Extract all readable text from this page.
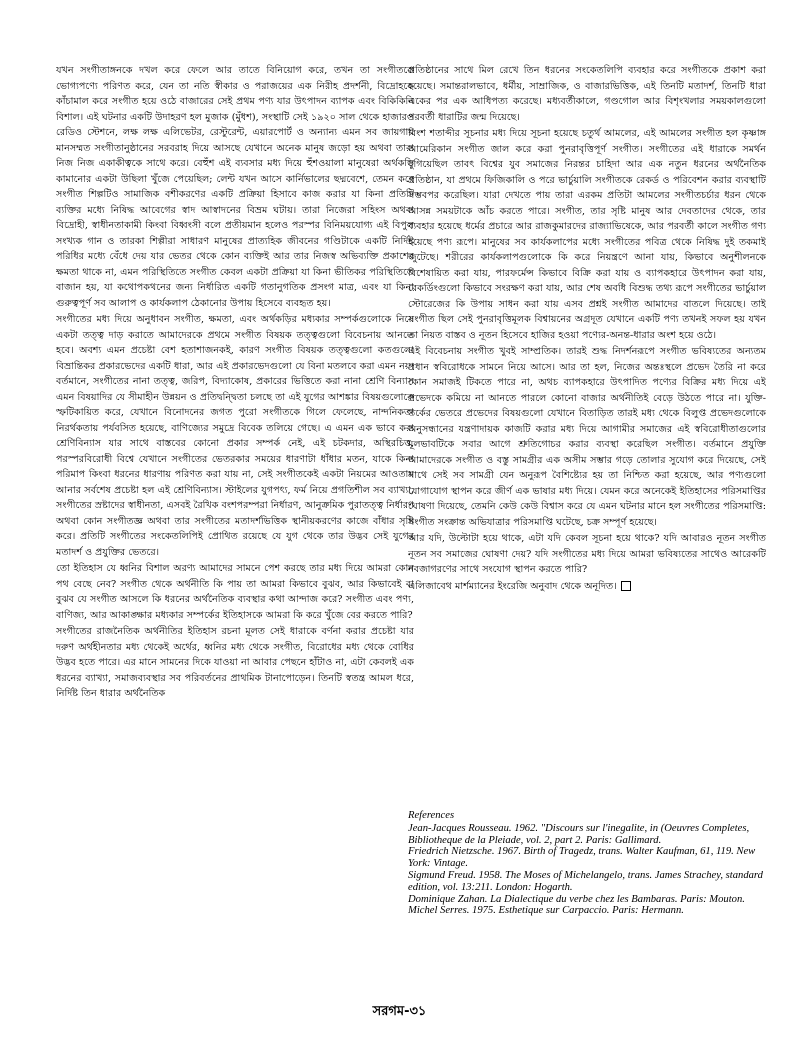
যখন সংগীতাঙ্গনকে দখল করে ফেলে আর তাতে বিনিয়োগ করে, তখন তা সংগীতকে ভোগ্যপণ্যে পরিণত করে, যেন তা নতি স্বীকার ও পরাজয়ের এক নিরীহ প্রদর্শনী, বিদ্রোহকে কাঁচামাল করে সংগীত হয়ে ওঠে বাজারের সেই প্রথম পণ্য যার উৎপাদন ব্যাপক এবং বিকিকিনি বিশাল। এই ঘটনার একটি উদাহরণ হল মুজাক (মুঁধশ), সংস্থাটি সেই ১৯২০ সাল থেকে হাজারও রেডিও স্টেশনে, লক্ষ লক্ষ এলিভেটর, রেস্টুরেন্ট, এয়ারপোর্ট ও অন্যান্য এমন সব জায়গায় মানসম্মত সংগীতানুষ্ঠানের সরবরাহ দিয়ে আসছে যেখানে অনেক মানুষ জড়ো হয় অথবা তারা নিজ নিজ একাকীত্বকে সাথে করে। বেহুঁশ এই ব্যবসার মধ্য দিয়ে হুঁশওয়ালা মানুষেরা অর্থকড়ি কামানোর একটা উছিলা খুঁজে পেয়েছিল; লেন্ট যখন আসে কার্নিভালের ছদ্মবেশে, তেমন করে সংগীত শিল্পটিও সামাজিক বশীকরণের একটি প্রক্রিয়া হিসাবে কাজ করার যা কিনা প্রতিটি ব্যক্তির মধ্যে নিষিদ্ধ আবেগের স্বাদ আস্বাদনের বিভ্রম ঘটায়। তারা নিজেরা সহিংস অথবা বিদ্রোহী, স্বাধীনতাকামী কিংবা বিধ্বংসী বলে প্রতীয়মান হলেও পরস্পর বিনিময়যোগ্য এই বিপুল সংখ্যক গান ও তারকা শিল্পীরা সাধারণ মানুষের প্রাত্যহিক জীবনের গণ্ডিটাকে একটি নির্দিষ্ট পরিধির মধ্যে বেঁধে দেয় যার ভেতর থেকে কোন ব্যক্তিই আর তার নিজস্ব অভিব্যক্তি প্রকাশের ক্ষমতা থাকে না, এমন পরিস্থিতিতে সংগীত কেবল একটা প্রক্রিয়া যা কিনা ভীতিকর পরিস্থিতিতে বাজান হয়, যা কথোপকথনের জন্য নির্ধারিত একটি গতানুগতিক প্রসংগ মাত্র, এবং যা কিনা গুরুত্বপূর্ণ সব আলাপ ও কার্যকলাপ ঠেকানোর উপায় হিসেবে ব্যবহৃত হয়।

সংগীতের মধ্য দিয়ে অনুধাবন সংগীত, ক্ষমতা, এবং অর্থকড়ির মধ্যকার সম্পর্কগুলোকে নিয়ে একটা তত্ত্ব দাড় করাতে আমাদেরকে প্রথমে সংগীত বিষয়ক তত্ত্বগুলো বিবেচনায় আনতে হবে। অবশ্য এমন প্রচেষ্টা বেশ হতাশাজনকই, কারণ সংগীত বিষয়ক তত্ত্বগুলো কতগুলো বিভ্রান্তিকর প্রকারভেদের একটি ধারা, আর এই প্রকারভেদগুলো যে বিনা মতলবে করা এমন নয়। বর্তমানে, সংগীতের নানা তত্ত্ব, জরিপ, বিদ্যাকোষ, প্রকারের ভিত্তিতে করা নানা শ্রেণি বিন্যাস এমন বিষয়াদির যে সীমাহীন উন্নয়ন ও প্রতিদ্বন্দ্বিতা চলছে তা এই যুগের আশঙ্কার বিষয়গুলোকে স্ফটিকায়িত করে, যেখানে বিনোদনের জগত পুরো সংগীতকে গিলে ফেলেছে, নান্দনিকতা নিরর্থকতায় পর্যবসিত হয়েছে, বাণিজ্যের সমুদ্রে বিবেক তলিয়ে গেছে। এ এমন এক ভাবে করা শ্রেণিবিন্যাস যার সাথে বাস্তবের কোনো প্রকার সম্পর্ক নেই, এই চটকদার, অস্থিরচিত্ত, পরস্পরবিরোধী বিশ্বে যেখানে সংগীতের ভেতরকার সময়ের ধারণাটা ধাঁধার মতন, যাকে কিনা পরিমাপ কিংবা ধরনের ধারণায় পরিণত করা যায় না, সেই সংগীতকেই একটা নিয়মের আওতায় আনার সর্বশেষ প্রচেষ্টা হল এই শ্রেণিবিন্যাস। স্টাইলের যুগপৎ্য, ফর্ম নিয়ে প্রগতিশীল সব ব্যাখ্যা, সংগীতের স্রষ্টাদের স্বাধীনতা, এসবই রৈখিক বংশপরম্পরা নির্ধারণ, আনুক্রমিক পুরাতত্ত্ব নির্ধারণ অথবা কোন সংগীতজ্ঞ অথবা তার সংগীতের মতাদর্শভিত্তিক স্থানীয়করণের কাজে বাঁধার সৃষ্টি করে। প্রতিটি সংগীতের সংকেতলিপিই প্রোথিত রয়েছে যে যুগ থেকে তার উদ্ভব সেই যুগের মতাদর্শ ও প্রযুক্তির ভেতরে।

তো ইতিহাস যে ধ্বনির বিশাল অরণ্য আমাদের সামনে পেশ করছে তার মধ্য দিয়ে আমরা কোন পথ বেছে নেব? সংগীত থেকে অর্থনীতি কি পায় তা আমরা কিভাবে বুঝব, আর কিভাবেই বা বুঝব যে সংগীত আসলে কি ধরনের অর্থনৈতিক ব্যবস্থার কথা আন্দাজ করে? সংগীত এবং পণ্য, বাণিজ্য, আর আকাঙ্ক্ষার মধ্যকার সম্পর্কের ইতিহাসকে আমরা কি করে খুঁজে বের করতে পারি?

সংগীতের রাজনৈতিক অর্থনীতির ইতিহাস রচনা মূলত সেই ধারাকে বর্ণনা করার প্রচেষ্টা যার দরুণ অর্থহীনতার মধ্য থেকেই অর্থের, ধ্বনির মধ্য থেকে সংগীত, বিরোধের মধ্য থেকে বোধির উদ্ভব হতে পারে। এর মানে সামনের দিকে যাওয়া না আবার পেছনে হাঁটাও না, এটা কেবলই এক ধরনের ব্যাখ্যা, সমাজব্যবস্থার সব পরিবর্তনের প্রাথমিক টানাপোড়েন। তিনটি স্বতন্ত্র আমল ধরে, নির্দিষ্ট তিন ধারার অর্থনৈতিক

প্রতিষ্ঠানের সাথে মিল রেখে তিন ধরনের সংকেতলিপি ব্যবহার করে সংগীতকে প্রকাশ করা হয়েছে। সমান্তরালভাবে, ধর্মীয়, সাম্রাজিক, ও বাজারভিত্তিক, এই তিনটি মতাদর্শ, তিনটি ধারা একের পর এক আধিপত্য করেছে। মধ্যবর্তীকালে, গণ্ডগোল আর বিশৃংখলার সময়কালগুলো পরবর্তী ধারাটির জন্ম দিয়েছে।

বিংশ শতাব্দীর সূচনার মধ্য দিয়ে সূচনা হয়েছে চতুর্থ আমলের, এই আমলের সংগীত হল কৃষ্ণাঙ্গ আমেরিকান সংগীত জাল করে করা পুনরাবৃত্তিপূর্ণ সংগীত। সংগীতের এই ধারাকে সমর্থন যুগিয়েছিল তাবৎ বিশ্বের যুব সমাজের নিরন্তর চাহিদা আর এক নতুন ধরনের অর্থনৈতিক প্রতিষ্ঠান, যা প্রথমে ফিজিকালি ও পরে ভার্চুয়ালি সংগীতকে রেকর্ড ও পরিবেশন করার ব্যবস্থাটি সম্ভবপর করেছিল। যারা দেখতে পায় তারা এরকম প্রতিটা আমলের সংগীতচর্চার ধরন থেকে আসন্ন সময়টাকে আঁচ করতে পারে। সংগীত, তার সৃষ্টি মানুষ আর দেবতাদের থেকে, তার ব্যবহার হয়েছে ধর্মের প্রচারে আর রাজকুমারদের রাজ্যাভিষেকে, আর পরবর্তী কালে সংগীত গণ্য হয়েছে পণ্য রূপে। মানুষের সব কার্যকলাপের মধ্যে সংগীতের পবিত্র থেকে নিষিদ্ধ দুই তকমাই জুটেছে। শরীরের কার্যকলাপগুলোকে কি করে নিয়ন্ত্রণে আনা যায়, কিভাবে অনুশীলনকে বিশেষায়িত করা যায়, পারফর্মেন্স কিভাবে বিক্রি করা যায় ও ব্যাপকহারে উৎপাদন করা যায়, রেকর্ডিংগুলো কিভাবে সংরক্ষণ করা যায়, আর শেষ অবধি বিশুদ্ধ তথ্য রূপে সংগীতের ভার্চুয়াল স্টোরেজের কি উপায় সাধন করা যায় এসব প্রশ্নই সংগীত আমাদের বাতলে দিয়েছে। তাই সংগীত ছিল সেই পুনরাবৃত্তিমূলক বিশ্বায়নের অগ্রদূত যেখানে একটি পণ্য তখনই সফল হয় যখন তা নিয়ত বাস্তব ও নূতন হিসেবে হাজির হওয়া পণ্যের-অনন্ত-ধারার অংশ হয়ে ওঠে।

এই বিবেচনায় সংগীত খুবই সাম্প্রতিক। তারই শুদ্ধ নিদর্শনরূপে সংগীত ভবিষ্যতের অন্যতম প্রধান স্ববিরোধকে সামনে নিয়ে আসে। আর তা হল, নিজের অন্তঃস্থলে প্রভেদ তৈরি না করে কোন সমাজই টিকতে পারে না, অথচ ব্যাপকহারে উৎপাদিত পণ্যের বিক্রির মধ্য দিয়ে এই প্রভেদকে কমিয়ে না আনতে পারলে কোনো বাজার অর্থনীতিই বেড়ে উঠতে পারে না। যুক্তি-তর্কের ভেতরে প্রভেদের বিষয়গুলো যেখানে বিতাড়িত তারই মধ্য থেকে বিলুপ্ত প্রভেদগুলোকে অনুসন্ধানের যন্ত্রণাদায়ক কাজটি করার মধ্য দিয়ে আগামীর সমাজের এই স্ববিরোধীতাগুলোর মূলভাবটিকে সবার আগে শ্রুতিগোচর করার ব্যবস্থা করেছিল সংগীত। বর্তমানে প্রযুক্তি আমাদেরকে সংগীত ও বস্তু সামগ্রীর এক অসীম সম্ভার গড়ে তোলার সুযোগ করে দিয়েছে, সেই সাথে সেই সব সামগ্রী যেন অনুরূপ বৈশিষ্ট্যের হয় তা নিশ্চিত করা হয়েছে, আর পণ্যগুলো যোগাযোগ স্থাপন করে জীর্ণ এক ভাষার মধ্য দিয়ে। যেমন করে অনেকেই ইতিহাসের পরিসমাপ্তির ঘোষণা দিয়েছে, তেমনি কেউ কেউ বিশ্বাস করে যে এমন ঘটনার মানে হল সংগীতের পরিসমাপ্তি: সংগীত সংক্রান্ত অভিযাত্রার পরিসমাপ্তি ঘটেছে, চক্র সম্পূর্ণ হয়েছে।

আর যদি, উল্টোটা হয়ে থাকে, এটা যদি কেবল সূচনা হয়ে থাকে? যদি আবারও নূতন সংগীত নূতন সব সমাজের ঘোষণা দেয়? যদি সংগীতের মধ্য দিয়ে আমরা ভবিষ্যতের সাথেও আরেকটি নবজাগরণের সাথে সংযোগ স্থাপন করতে পারি?

এলিজাবেথ মার্শম্যানের ইংরেজি অনুবাদ থেকে অনূদিত।

References
Jean-Jacques Rousseau. 1962. "Discours sur l'inegalite, in (Oeuvres Completes, Bibliotheque de la Pleiade, vol. 2, part 2. Paris: Gallimard.
Friedrich Nietzsche. 1967. Birth of Tragedz, trans. Walter Kaufman, 61, 119. New York: Vintage.
Sigmund Freud. 1958. The Moses of Michelangelo, trans. James Strachey, standard
edition, vol. 13:211. London: Hogarth.
Dominique Zahan. La Dialectique du verbe chez les Bambaras. Paris: Mouton. Michel Serres. 1975. Esthetique sur Carpaccio. Paris: Hermann.
সরগম-৩১
